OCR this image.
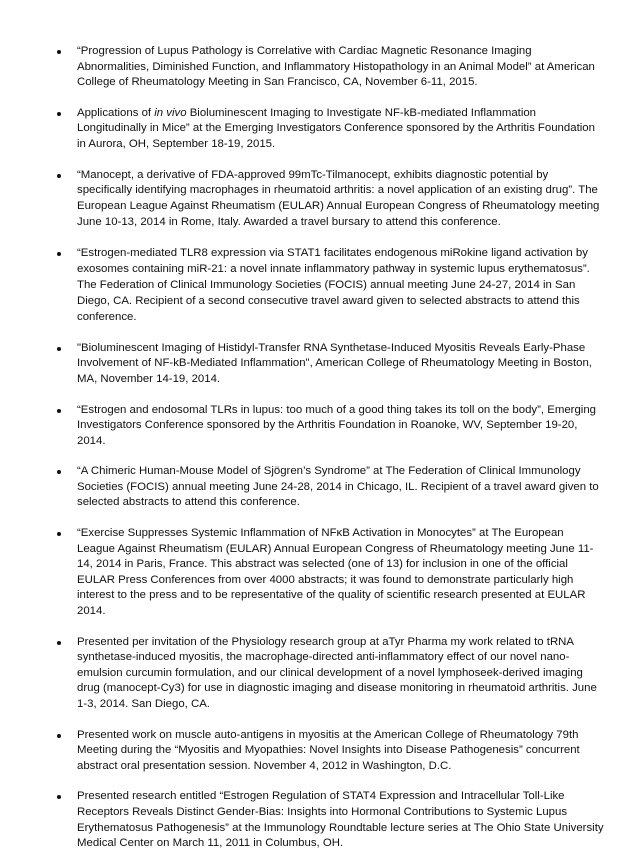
“Progression of Lupus Pathology is Correlative with Cardiac Magnetic Resonance Imaging Abnormalities, Diminished Function, and Inflammatory Histopathology in an Animal Model” at American College of Rheumatology Meeting in San Francisco, CA, November 6-11, 2015.

Applications of in vivo Bioluminescent Imaging to Investigate NF-kB-mediated Inflammation Longitudinally in Mice” at the Emerging Investigators Conference sponsored by the Arthritis Foundation in Aurora, OH, September 18-19, 2015.

“Manocept, a derivative of FDA-approved 99mTc-Tilmanocept, exhibits diagnostic potential by specifically identifying macrophages in rheumatoid arthritis: a novel application of an existing drug”. The European League Against Rheumatism (EULAR) Annual European Congress of Rheumatology meeting June 10-13, 2014 in Rome, Italy. Awarded a travel bursary to attend this conference.

“Estrogen-mediated TLR8 expression via STAT1 facilitates endogenous miRokine ligand activation by exosomes containing miR-21: a novel innate inflammatory pathway in systemic lupus erythematosus”. The Federation of Clinical Immunology Societies (FOCIS) annual meeting June 24-27, 2014 in San Diego, CA. Recipient of a second consecutive travel award given to selected abstracts to attend this conference.

"Bioluminescent Imaging of Histidyl-Transfer RNA Synthetase-Induced Myositis Reveals Early-Phase Involvement of NF-kB-Mediated Inflammation", American College of Rheumatology Meeting in Boston, MA, November 14-19, 2014.

“Estrogen and endosomal TLRs in lupus: too much of a good thing takes its toll on the body”, Emerging Investigators Conference sponsored by the Arthritis Foundation in Roanoke, WV, September 19-20, 2014.

“A Chimeric Human-Mouse Model of Sjögren’s Syndrome” at The Federation of Clinical Immunology Societies (FOCIS) annual meeting June 24-28, 2014 in Chicago, IL. Recipient of a travel award given to selected abstracts to attend this conference.

“Exercise Suppresses Systemic Inflammation of NFκB Activation in Monocytes” at The European League Against Rheumatism (EULAR) Annual European Congress of Rheumatology meeting June 11-14, 2014 in Paris, France. This abstract was selected (one of 13) for inclusion in one of the official EULAR Press Conferences from over 4000 abstracts; it was found to demonstrate particularly high interest to the press and to be representative of the quality of scientific research presented at EULAR 2014.

Presented per invitation of the Physiology research group at aTyr Pharma my work related to tRNA synthetase-induced myositis, the macrophage-directed anti-inflammatory effect of our novel nano-emulsion curcumin formulation, and our clinical development of a novel lymphoseek-derived imaging drug (manocept-Cy3) for use in diagnostic imaging and disease monitoring in rheumatoid arthritis. June 1-3, 2014. San Diego, CA.

Presented work on muscle auto-antigens in myositis at the American College of Rheumatology 79th Meeting during the “Myositis and Myopathies: Novel Insights into Disease Pathogenesis” concurrent abstract oral presentation session. November 4, 2012 in Washington, D.C.

Presented research entitled “Estrogen Regulation of STAT4 Expression and Intracellular Toll-Like Receptors Reveals Distinct Gender-Bias: Insights into Hormonal Contributions to Systemic Lupus Erythematosus Pathogenesis” at the Immunology Roundtable lecture series at The Ohio State University Medical Center on March 11, 2011 in Columbus, OH.
